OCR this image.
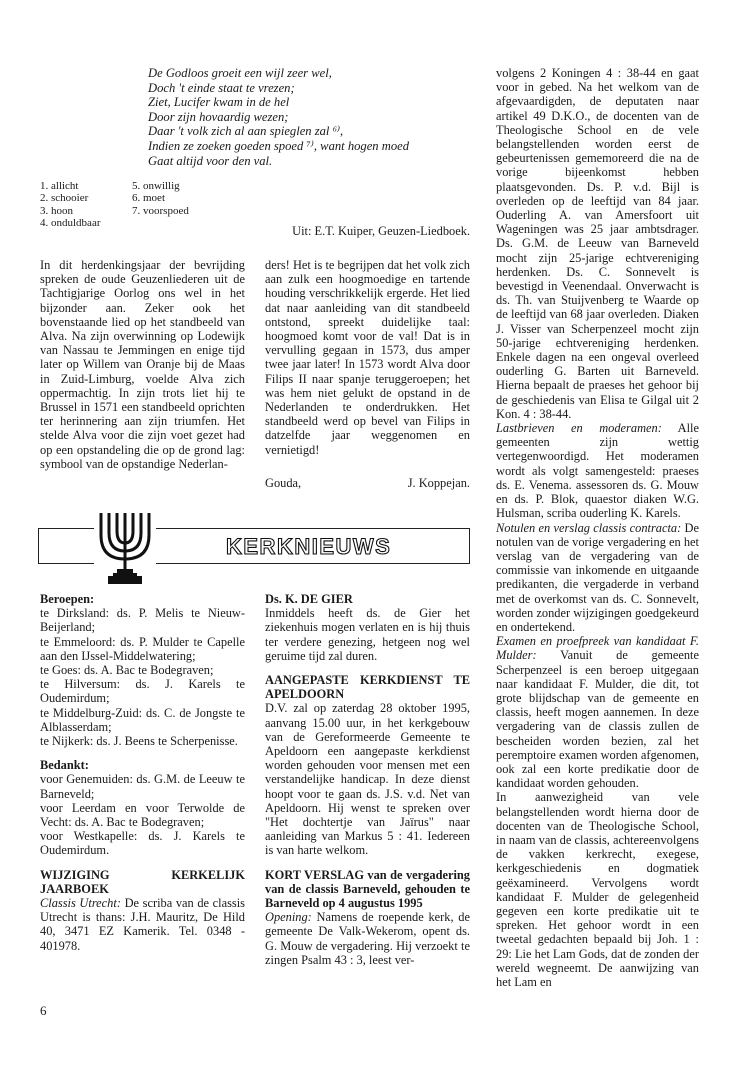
De Godloos groeit een wijl zeer wel,
Doch 't einde staat te vrezen;
Ziet, Lucifer kwam in de hel
Door zijn hovaardig wezen;
Daar 't volk zich al aan spieglen zal ⁶⁾,
Indien ze zoeken goeden spoed ⁷⁾, want hogen moed
Gaat altijd voor den val.
1. allicht
2. schooier
3. hoon
4. onduldbaar
5. onwillig
6. moet
7. voorspoed
Uit: E.T. Kuiper, Geuzen-Liedboek.

In dit herdenkingsjaar der bevrijding spreken de oude Geuzenliederen uit de Tachtigjarige Oorlog ons wel in het bijzonder aan. Zeker ook het bovenstaande lied op het standbeeld van Alva. Na zijn overwinning op Lodewijk van Nassau te Jemmingen en enige tijd later op Willem van Oranje bij de Maas in Zuid-Limburg, voelde Alva zich oppermachtig. In zijn trots liet hij te Brussel in 1571 een standbeeld oprichten ter herinnering aan zijn triumfen. Het stelde Alva voor die zijn voet gezet had op een opstandeling die op de grond lag: symbool van de opstandige Nederlan-

ders! Het is te begrijpen dat het volk zich aan zulk een hoogmoedige en tartende houding verschrikkelijk ergerde. Het lied dat naar aanleiding van dit standbeeld ontstond, spreekt duidelijke taal: hoogmoed komt voor de val! Dat is in vervulling gegaan in 1573, dus amper twee jaar later! In 1573 wordt Alva door Filips II naar spanje teruggeroepen; het was hem niet gelukt de opstand in de Nederlanden te onderdrukken. Het standbeeld werd op bevel van Filips in datzelfde jaar weggenomen en vernietigd!

Gouda,	J. Koppejan.
KERKNIEUWS

Beroepen:

te Dirksland: ds. P. Melis te Nieuw-Beijerland;

te Emmeloord: ds. P. Mulder te Capelle aan den IJssel-Middelwatering;

te Goes: ds. A. Bac te Bodegraven;

te Hilversum: ds. J. Karels te Oudemirdum;

te Middelburg-Zuid: ds. C. de Jongste te Alblasserdam;

te Nijkerk: ds. J. Beens te Scherpenisse.

Bedankt:

voor Genemuiden: ds. G.M. de Leeuw te Barneveld;

voor Leerdam en voor Terwolde de Vecht: ds. A. Bac te Bodegraven;

voor Westkapelle: ds. J. Karels te Oudemirdum.

WIJZIGING KERKELIJK JAARBOEK

Classis Utrecht: De scriba van de classis Utrecht is thans: J.H. Mauritz, De Hild 40, 3471 EZ Kamerik. Tel. 0348 - 401978.

Ds. K. DE GIER

Inmiddels heeft ds. de Gier het ziekenhuis mogen verlaten en is hij thuis ter verdere genezing, hetgeen nog wel geruime tijd zal duren.

AANGEPASTE KERKDIENST TE APELDOORN

D.V. zal op zaterdag 28 oktober 1995, aanvang 15.00 uur, in het kerkgebouw van de Gereformeerde Gemeente te Apeldoorn een aangepaste kerkdienst worden gehouden voor mensen met een verstandelijke handicap. In deze dienst hoopt voor te gaan ds. J.S. v.d. Net van Apeldoorn. Hij wenst te spreken over "Het dochtertje van Jaïrus" naar aanleiding van Markus 5 : 41. Iedereen is van harte welkom.

KORT VERSLAG van de vergadering van de classis Barneveld, gehouden te Barneveld op 4 augustus 1995

Opening: Namens de roepende kerk, de gemeente De Valk-Wekerom, opent ds. G. Mouw de vergadering. Hij verzoekt te zingen Psalm 43 : 3, leest ver-

volgens 2 Koningen 4 : 38-44 en gaat voor in gebed. Na het welkom van de afgevaardigden, de deputaten naar artikel 49 D.K.O., de docenten van de Theologische School en de vele belangstellenden worden eerst de gebeurtenissen gememoreerd die na de vorige bijeenkomst hebben plaatsgevonden. Ds. P. v.d. Bijl is overleden op de leeftijd van 84 jaar. Ouderling A. van Amersfoort uit Wageningen was 25 jaar ambtsdrager. Ds. G.M. de Leeuw van Barneveld mocht zijn 25-jarige echtvereniging herdenken. Ds. C. Sonnevelt is bevestigd in Veenendaal. Onverwacht is ds. Th. van Stuijvenberg te Waarde op de leeftijd van 68 jaar overleden. Diaken J. Visser van Scherpenzeel mocht zijn 50-jarige echtvereniging herdenken. Enkele dagen na een ongeval overleed ouderling G. Barten uit Barneveld. Hierna bepaalt de praeses het gehoor bij de geschiedenis van Elisa te Gilgal uit 2 Kon. 4 : 38-44.

Lastbrieven en moderamen: Alle gemeenten zijn wettig vertegenwoordigd. Het moderamen wordt als volgt samengesteld: praeses ds. E. Venema. assessoren ds. G. Mouw en ds. P. Blok, quaestor diaken W.G. Hulsman, scriba ouderling K. Karels.

Notulen en verslag classis contracta: De notulen van de vorige vergadering en het verslag van de vergadering van de commissie van inkomende en uitgaande predikanten, die vergaderde in verband met de overkomst van ds. C. Sonnevelt, worden zonder wijzigingen goedgekeurd en ondertekend.

Examen en proefpreek van kandidaat F. Mulder: Vanuit de gemeente Scherpenzeel is een beroep uitgegaan naar kandidaat F. Mulder, die dit, tot grote blijdschap van de gemeente en classis, heeft mogen aannemen. In deze vergadering van de classis zullen de bescheiden worden bezien, zal het peremptoire examen worden afgenomen, ook zal een korte predikatie door de kandidaat worden gehouden.

In aanwezigheid van vele belangstellenden wordt hierna door de docenten van de Theologische School, in naam van de classis, achtereenvolgens de vakken kerkrecht, exegese, kerkgeschiedenis en dogmatiek geëxamineerd. Vervolgens wordt kandidaat F. Mulder de gelegenheid gegeven een korte predikatie uit te spreken. Het gehoor wordt in een tweetal gedachten bepaald bij Joh. 1 : 29: Lie het Lam Gods, dat de zonden der wereld wegneemt. De aanwijzing van het Lam en

6
